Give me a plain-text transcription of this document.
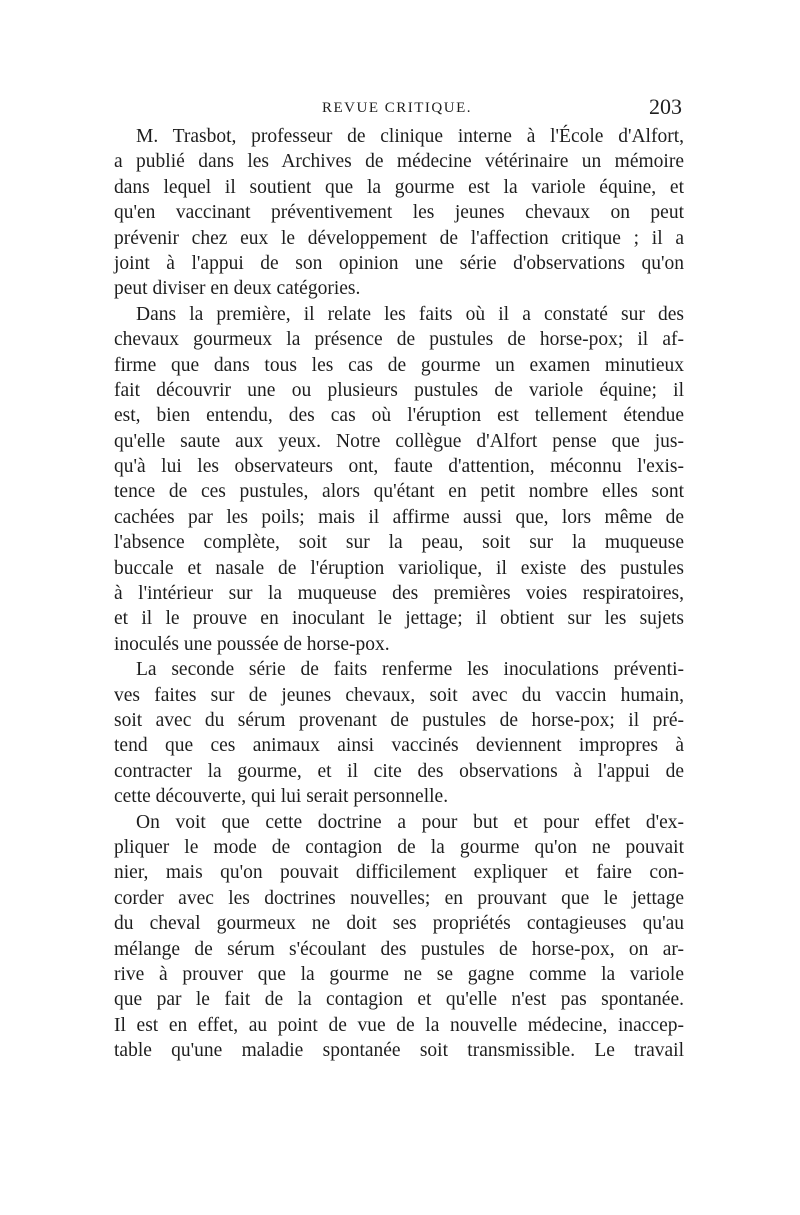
REVUE CRITIQUE.	203
M. Trasbot, professeur de clinique interne à l'École d'Alfort,
a publié dans les Archives de médecine vétérinaire un mémoire
dans lequel il soutient que la gourme est la variole équine, et
qu'en vaccinant préventivement les jeunes chevaux on peut
prévenir chez eux le développement de l'affection critique ; il a
joint à l'appui de son opinion une série d'observations qu'on
peut diviser en deux catégories.
Dans la première, il relate les faits où il a constaté sur des
chevaux gourmeux la présence de pustules de horse-pox; il af-
firme que dans tous les cas de gourme un examen minutieux
fait découvrir une ou plusieurs pustules de variole équine; il
est, bien entendu, des cas où l'éruption est tellement étendue
qu'elle saute aux yeux. Notre collègue d'Alfort pense que jus-
qu'à lui les observateurs ont, faute d'attention, méconnu l'exis-
tence de ces pustules, alors qu'étant en petit nombre elles sont
cachées par les poils; mais il affirme aussi que, lors même de
l'absence complète, soit sur la peau, soit sur la muqueuse
buccale et nasale de l'éruption variolique, il existe des pustules
à l'intérieur sur la muqueuse des premières voies respiratoires,
et il le prouve en inoculant le jettage; il obtient sur les sujets
inoculés une poussée de horse-pox.
La seconde série de faits renferme les inoculations préventi-
ves faites sur de jeunes chevaux, soit avec du vaccin humain,
soit avec du sérum provenant de pustules de horse-pox; il pré-
tend que ces animaux ainsi vaccinés deviennent impropres à
contracter la gourme, et il cite des observations à l'appui de
cette découverte, qui lui serait personnelle.
On voit que cette doctrine a pour but et pour effet d'ex-
pliquer le mode de contagion de la gourme qu'on ne pouvait
nier, mais qu'on pouvait difficilement expliquer et faire con-
corder avec les doctrines nouvelles; en prouvant que le jettage
du cheval gourmeux ne doit ses propriétés contagieuses qu'au
mélange de sérum s'écoulant des pustules de horse-pox, on ar-
rive à prouver que la gourme ne se gagne comme la variole
que par le fait de la contagion et qu'elle n'est pas spontanée.
Il est en effet, au point de vue de la nouvelle médecine, inaccep-
table qu'une maladie spontanée soit transmissible. Le travail
